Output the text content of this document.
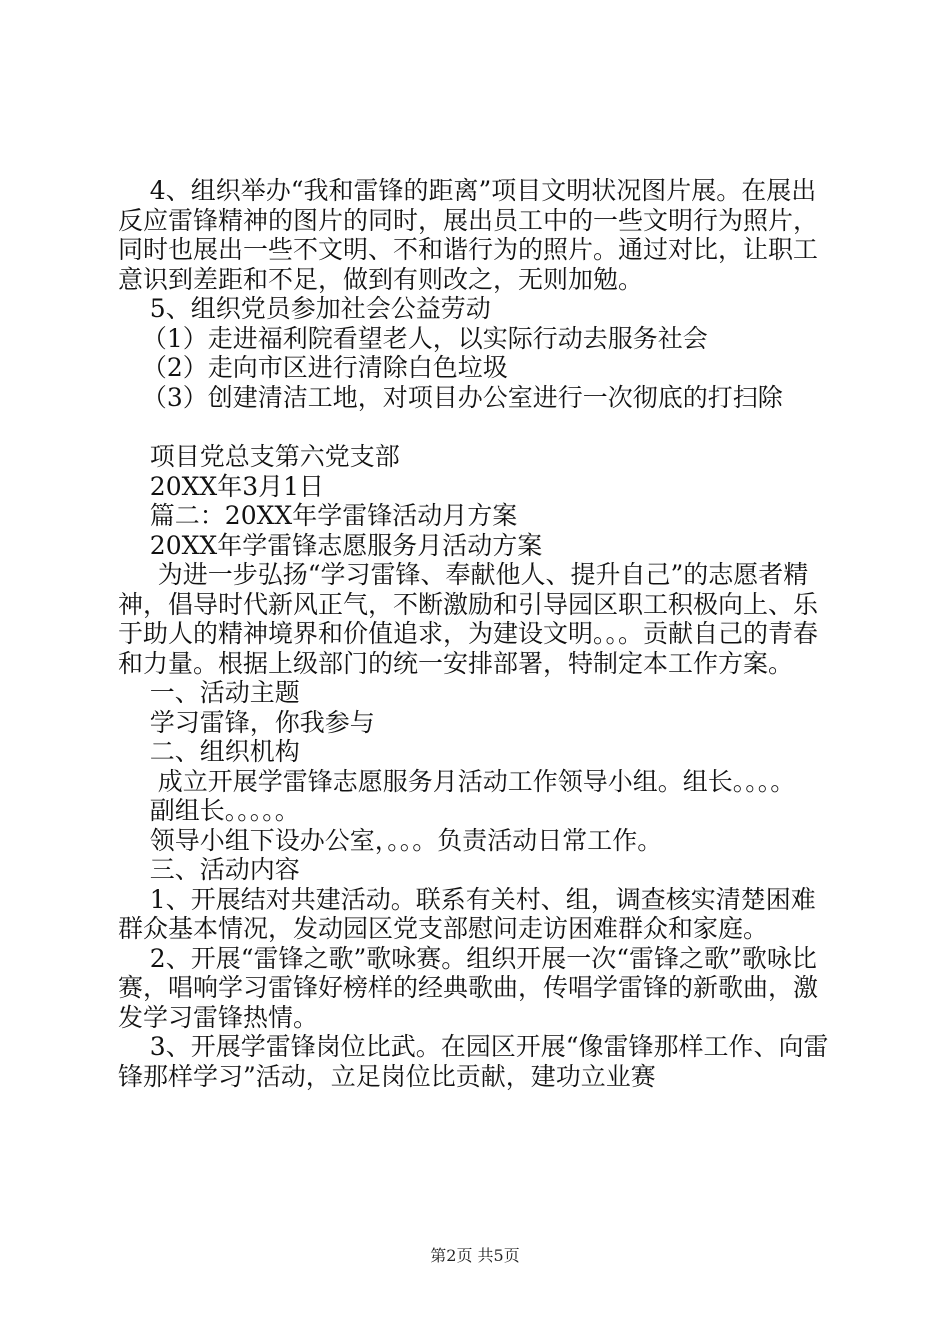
4、组织举办“我和雷锋的距离”项目文明状况图片展。在展出反应雷锋精神的图片的同时，展出员工中的一些文明行为照片，同时也展出一些不文明、不和谐行为的照片。通过对比，让职工意识到差距和不足，做到有则改之，无则加勉。

5、组织党员参加社会公益劳动

（1）走进福利院看望老人，以实际行动去服务社会

（2）走向市区进行清除白色垃圾

（3）创建清洁工地，对项目办公室进行一次彻底的打扫除

项目党总支第六党支部

20XX年3月1日

篇二：20XX年学雷锋活动月方案

20XX年学雷锋志愿服务月活动方案

为进一步弘扬“学习雷锋、奉献他人、提升自己”的志愿者精神，倡导时代新风正气，不断激励和引导园区职工积极向上、乐于助人的精神境界和价值追求，为建设文明。。。贡献自己的青春和力量。根据上级部门的统一安排部署，特制定本工作方案。

一、活动主题

学习雷锋，你我参与

二、组织机构

成立开展学雷锋志愿服务月活动工作领导小组。组长。。。。

副组长。。。。。

领导小组下设办公室，。。。负责活动日常工作。

三、活动内容

1、开展结对共建活动。联系有关村、组，调查核实清楚困难群众基本情况，发动园区党支部慰问走访困难群众和家庭。

2、开展“雷锋之歌”歌咏赛。组织开展一次“雷锋之歌”歌咏比赛，唱响学习雷锋好榜样的经典歌曲，传唱学雷锋的新歌曲，激发学习雷锋热情。

3、开展学雷锋岗位比武。在园区开展“像雷锋那样工作、向雷锋那样学习”活动，立足岗位比贡献，建功立业赛

第2页 共5页
